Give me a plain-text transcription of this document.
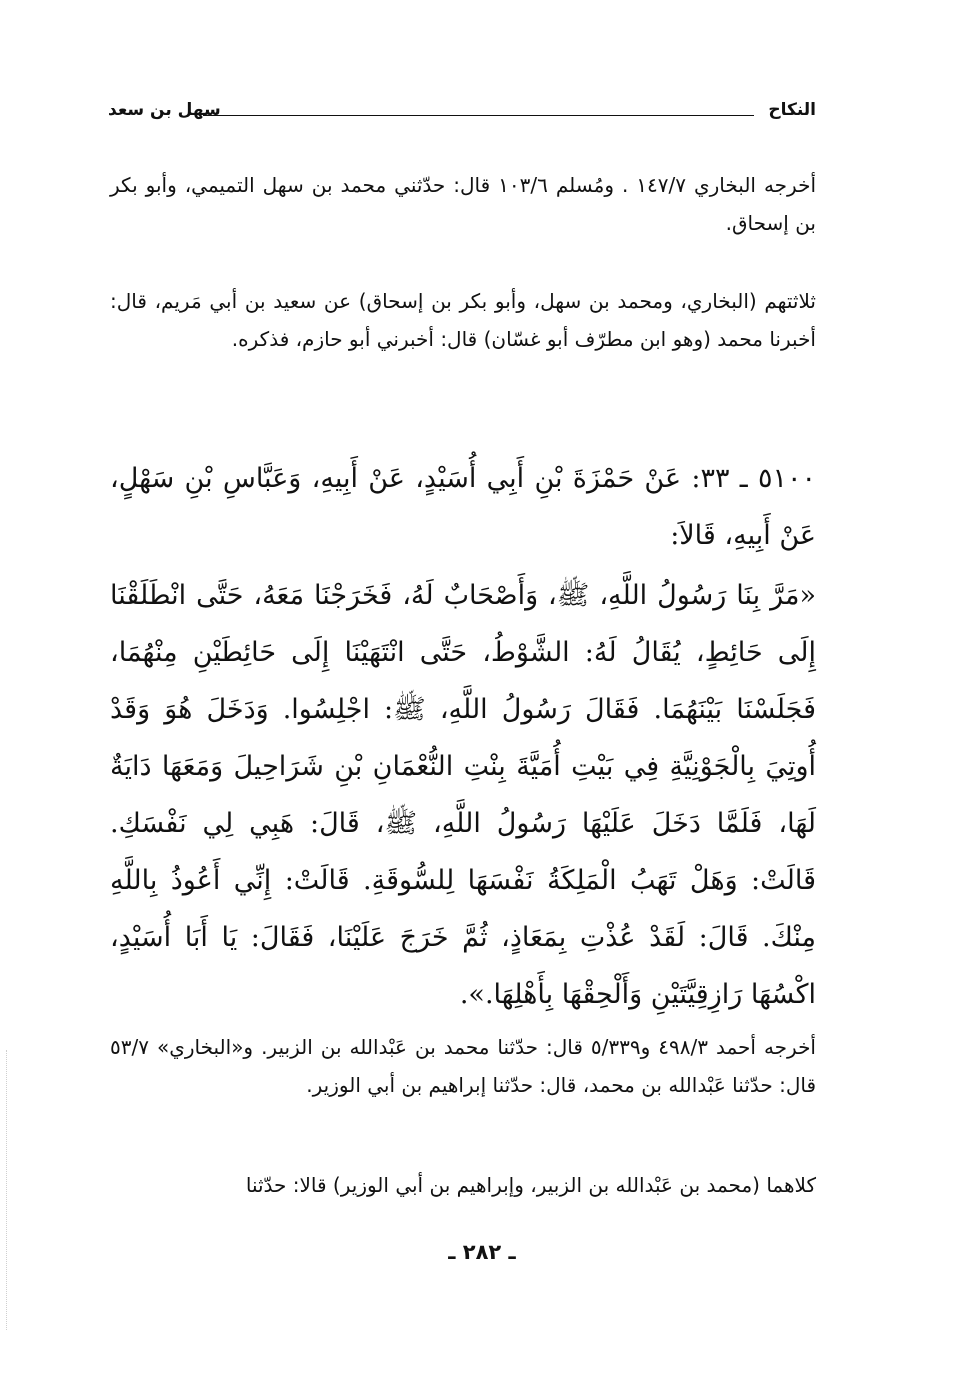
النكاح
سهل بن سعد

أخرجه البخاري ١٤٧/٧ . ومُسلم ١٠٣/٦ قال: حدّثني محمد بن سهل التميمي، وأبو بكر بن إسحاق.

ثلاثتهم (البخاري، ومحمد بن سهل، وأبو بكر بن إسحاق) عن سعيد بن أبي مَريم، قال: أخبرنا محمد (وهو ابن مطرّف أبو غسّان) قال: أخبرني أبو حازم، فذكره.

٥١٠٠ ـ ٣٣: عَنْ حَمْزَةَ بْنِ أَبِي أُسَيْدٍ، عَنْ أَبِيهِ، وَعَبَّاسِ بْنِ سَهْلٍ، عَنْ أَبِيهِ، قَالاَ:

«مَرَّ بِنَا رَسُولُ اللَّهِ، ﷺ، وَأَصْحَابٌ لَهُ، فَخَرَجْنَا مَعَهُ، حَتَّى انْطَلَقْنَا إِلَى حَائِطٍ، يُقَالُ لَهُ: الشَّوْطُ، حَتَّى انْتَهَيْنَا إِلَى حَائِطَيْنِ مِنْهُمَا، فَجَلَسْنَا بَيْنَهُمَا. فَقَالَ رَسُولُ اللَّهِ، ﷺ: اجْلِسُوا. وَدَخَلَ هُوَ وَقَدْ أُوتِيَ بِالْجَوْنِيَّةِ فِي بَيْتِ أُمَيَّةَ بِنْتِ النُّعْمَانِ بْنِ شَرَاحِيلَ وَمَعَهَا دَايَةٌ لَهَا، فَلَمَّا دَخَلَ عَلَيْهَا رَسُولُ اللَّهِ، ﷺ، قَالَ: هَبِي لِي نَفْسَكِ. قَالَتْ: وَهَلْ تَهَبُ الْمَلِكَةُ نَفْسَهَا لِلسُّوقَةِ. قَالَتْ: إِنِّي أَعُوذُ بِاللَّهِ مِنْكَ. قَالَ: لَقَدْ عُذْتِ بِمَعَاذٍ، ثُمَّ خَرَجَ عَلَيْنَا، فَقَالَ: يَا أَبَا أُسَيْدٍ، اكْسُهَا رَازِقِيَّتَيْنِ وَأَلْحِقْهَا بِأَهْلِهَا.».

أخرجه أحمد ٤٩٨/٣ و٥/٣٣٩ قال: حدّثنا محمد بن عَبْدالله بن الزبير. و«البخاري» ٥٣/٧ قال: حدّثنا عَبْدالله بن محمد، قال: حدّثنا إبراهيم بن أبي الوزير.

كلاهما (محمد بن عَبْدالله بن الزبير، وإبراهيم بن أبي الوزير) قالا: حدّثنا

ـ ٢٨٢ ـ
